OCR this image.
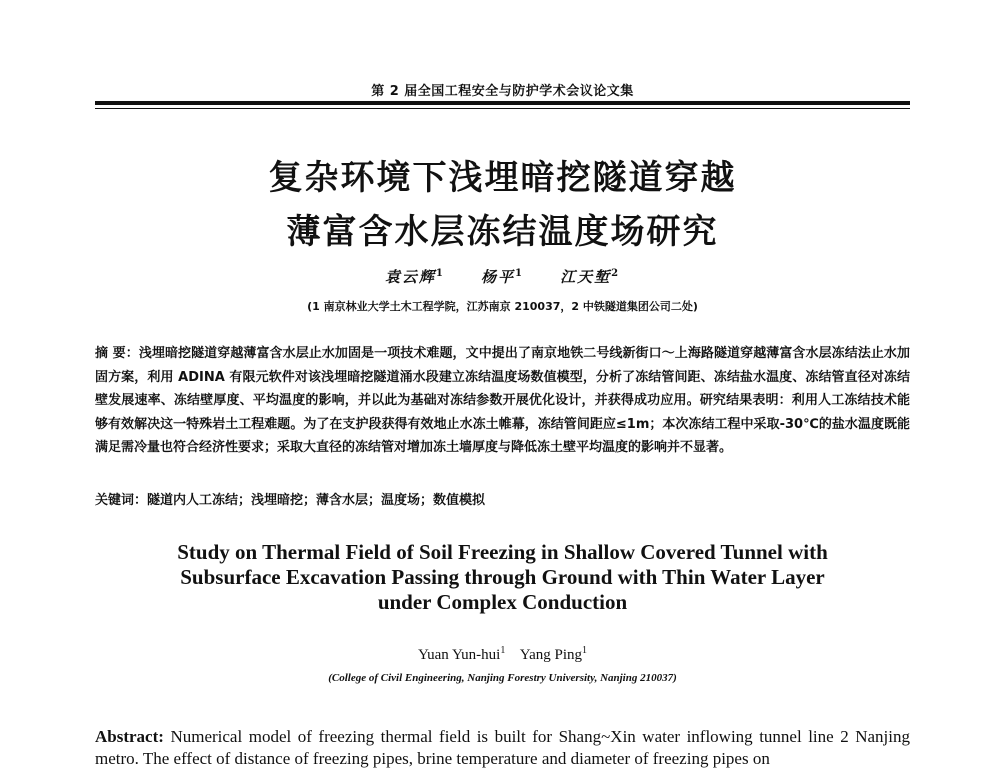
第 2 届全国工程安全与防护学术会议论文集
复杂环境下浅埋暗挖隧道穿越
薄富含水层冻结温度场研究
袁云辉$^1$ 杨平$^1$ 江天堑$^2$
(1 南京林业大学土木工程学院，江苏南京 210037，2 中铁隧道集团公司二处)

摘 要：浅埋暗挖隧道穿越薄富含水层止水加固是一项技术难题，文中提出了南京地铁二号线新街口～上海路隧道穿越薄富含水层冻结法止水加固方案，利用 ADINA 有限元软件对该浅埋暗挖隧道涌水段建立冻结温度场数值模型，分析了冻结管间距、冻结盐水温度、冻结管直径对冻结壁发展速率、冻结壁厚度、平均温度的影响，并以此为基础对冻结参数开展优化设计，并获得成功应用。研究结果表明：利用人工冻结技术能够有效解决这一特殊岩土工程难题。为了在支护段获得有效地止水冻土帷幕，冻结管间距应≤1m；本次冻结工程中采取-30℃的盐水温度既能满足需冷量也符合经济性要求；采取大直径的冻结管对增加冻土墙厚度与降低冻土壁平均温度的影响并不显著。

关键词：隧道内人工冻结；浅埋暗挖；薄含水层；温度场；数值模拟

Study on Thermal Field of Soil Freezing in Shallow Covered Tunnel with
Subsurface Excavation Passing through Ground with Thin Water Layer
under Complex Conduction
Yuan Yun-hui$^1$ Yang Ping$^1$
(College of Civil Engineering, Nanjing Forestry University, Nanjing 210037)

Abstract: Numerical model of freezing thermal field is built for Shang~Xin water inflowing tunnel line 2 Nanjing metro. The effect of distance of freezing pipes, brine temperature and diameter of freezing pipes on
